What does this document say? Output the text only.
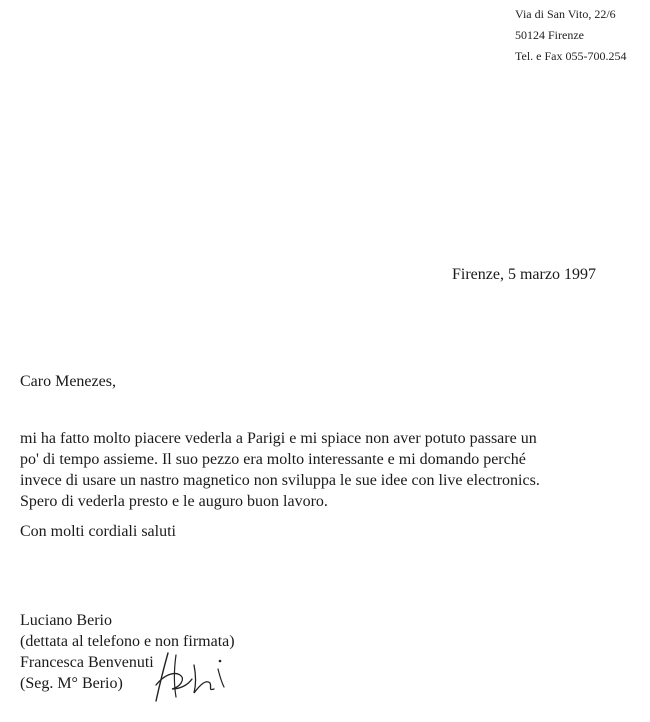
Via di San Vito, 22/6
50124 Firenze
Tel. e Fax 055-700.254
Firenze, 5 marzo 1997
Caro Menezes,
mi ha fatto molto piacere vederla a Parigi e mi spiace non aver potuto passare un
po' di tempo assieme. Il suo pezzo era molto interessante e mi domando perché
invece di usare un nastro magnetico non sviluppa le sue idee con live electronics.
Spero di vederla presto e le auguro buon lavoro.
Con molti cordiali saluti
Luciano Berio
(dettata al telefono e non firmata)
Francesca Benvenuti
(Seg. M° Berio)
